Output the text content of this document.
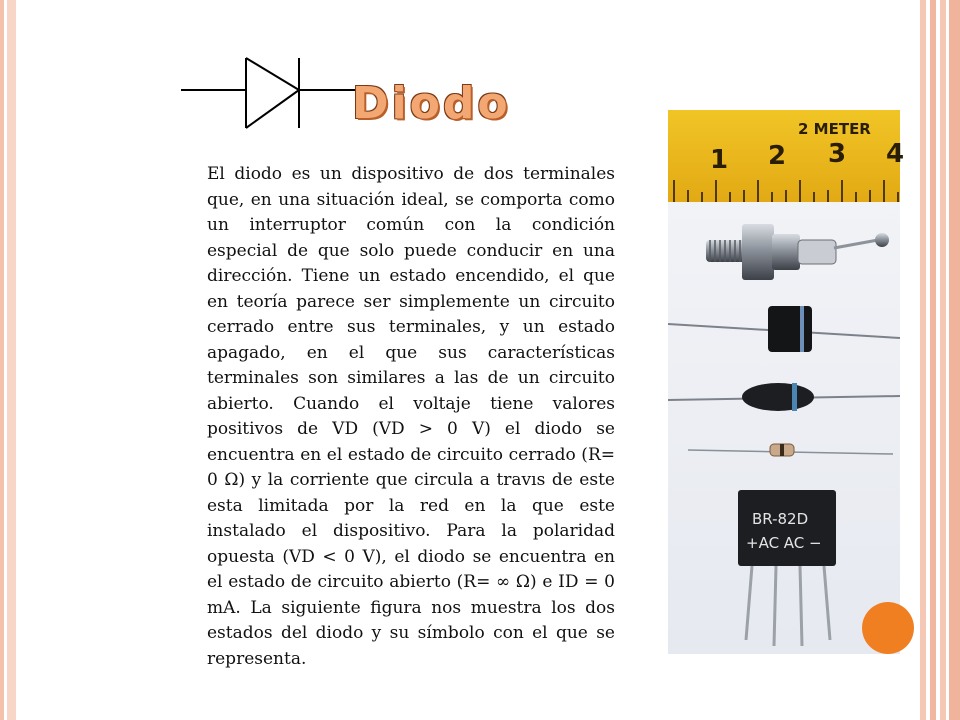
Diodo

El diodo es un dispositivo de dos terminales que, en una situación ideal, se comporta como un interruptor común con la condición especial de que solo puede conducir en una dirección. Tiene un estado encendido, el que en teoría parece ser simplemente un circuito cerrado entre sus terminales, y un estado apagado, en el que sus características terminales son similares a las de un circuito abierto. Cuando el voltaje tiene valores positivos de VD (VD > 0 V) el diodo se encuentra en el estado de circuito cerrado (R= 0 Ω) y la corriente que circula a travıs de este esta limitada por la red en la que este instalado el dispositivo. Para la polaridad opuesta (VD < 0 V), el diodo se encuentra en el estado de circuito abierto (R= ∞ Ω) e ID = 0 mA. La siguiente figura nos muestra los dos estados del diodo y su símbolo con el que se representa.

2 METER
1 2 3 4
BR-82D
+AC AC −
